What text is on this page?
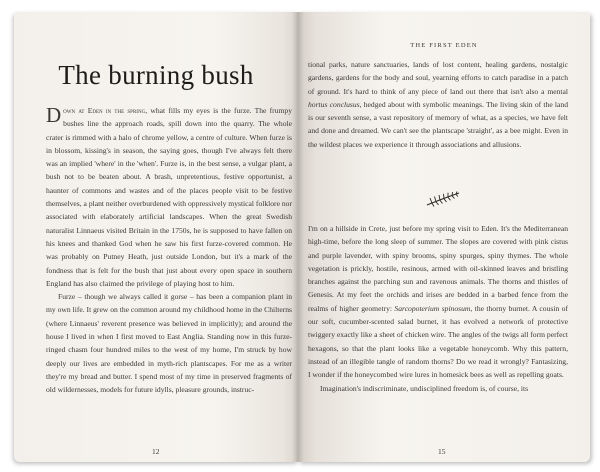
The burning bush

Down at Eden in the spring, what fills my eyes is the furze. The frumpy bushes line the approach roads, spill down into the quarry. The whole crater is rimmed with a halo of chrome yellow, a centre of culture. When furze is in blossom, kissing's in season, the saying goes, though I've always felt there was an implied 'where' in the 'when'. Furze is, in the best sense, a vulgar plant, a bush not to be beaten about. A brash, unpretentious, festive opportunist, a haunter of commons and wastes and of the places people visit to be festive themselves, a plant neither overburdened with oppressively mystical folklore nor associated with elaborately artificial landscapes. When the great Swedish naturalist Linnaeus visited Britain in the 1750s, he is supposed to have fallen on his knees and thanked God when he saw his first furze-covered common. He was probably on Putney Heath, just outside London, but it's a mark of the fondness that is felt for the bush that just about every open space in southern England has also claimed the privilege of playing host to him.

Furze – though we always called it gorse – has been a companion plant in my own life. It grew on the common around my childhood home in the Chilterns (where Linnaeus' reverent presence was believed in implicitly); and around the house I lived in when I first moved to East Anglia. Standing now in this furze-ringed chasm four hundred miles to the west of my home, I'm struck by how deeply our lives are embedded in myth-rich plantscapes. For me as a writer they're my bread and butter. I spend most of my time in preserved fragments of old wildernesses, models for future idylls, pleasure grounds, instruc-

12
THE FIRST EDEN

tional parks, nature sanctuaries, lands of lost content, healing gardens, nostalgic gardens, gardens for the body and soul, yearning efforts to catch paradise in a patch of ground. It's hard to think of any piece of land out there that isn't also a mental hortus conclusus, hedged about with symbolic meanings. The living skin of the land is our seventh sense, a vast repository of memory of what, as a species, we have felt and done and dreamed. We can't see the plantscape 'straight', as a bee might. Even in the wildest places we experience it through associations and allusions.

I'm on a hillside in Crete, just before my spring visit to Eden. It's the Mediterranean high-time, before the long sleep of summer. The slopes are covered with pink cistus and purple lavender, with spiny brooms, spiny spurges, spiny thymes. The whole vegetation is prickly, hostile, resinous, armed with oil-skinned leaves and bristling branches against the parching sun and ravenous animals. The thorns and thistles of Genesis. At my feet the orchids and irises are bedded in a barbed fence from the realms of higher geometry: Sarcopoterium spinosum, the thorny burnet. A cousin of our soft, cucumber-scented salad burnet, it has evolved a network of protective twiggery exactly like a sheet of chicken wire. The angles of the twigs all form perfect hexagons, so that the plant looks like a vegetable honeycomb. Why this pattern, instead of an illegible tangle of random thorns? Do we read it wrongly? Fantasizing, I wonder if the honeycombed wire lures in homesick bees as well as repelling goats.

Imagination's indiscriminate, undisciplined freedom is, of course, its

15
